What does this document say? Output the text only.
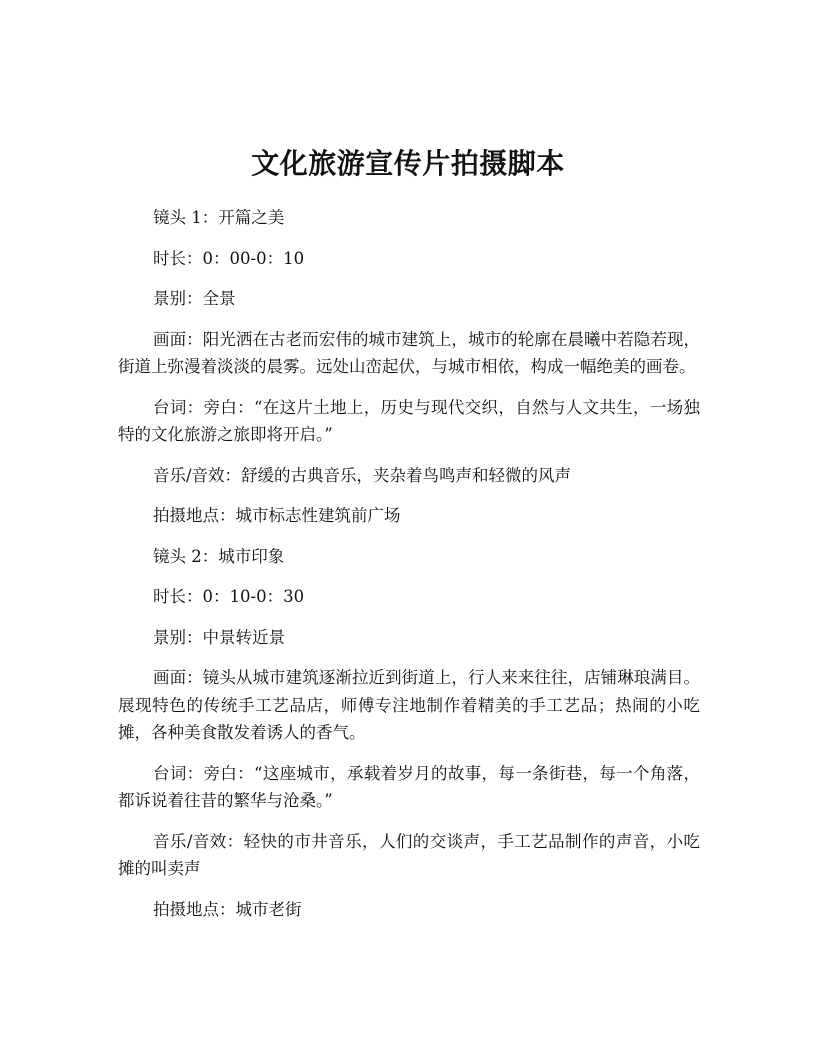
文化旅游宣传片拍摄脚本

镜头 1：开篇之美

时长：0：00-0：10

景别：全景

画面：阳光洒在古老而宏伟的城市建筑上，城市的轮廓在晨曦中若隐若现，街道上弥漫着淡淡的晨雾。远处山峦起伏，与城市相依，构成一幅绝美的画卷。

台词：旁白：“在这片土地上，历史与现代交织，自然与人文共生，一场独特的文化旅游之旅即将开启。”

音乐/音效：舒缓的古典音乐，夹杂着鸟鸣声和轻微的风声

拍摄地点：城市标志性建筑前广场

镜头 2：城市印象

时长：0：10-0：30

景别：中景转近景

画面：镜头从城市建筑逐渐拉近到街道上，行人来来往往，店铺琳琅满目。展现特色的传统手工艺品店，师傅专注地制作着精美的手工艺品；热闹的小吃摊，各种美食散发着诱人的香气。

台词：旁白：“这座城市，承载着岁月的故事，每一条街巷，每一个角落，都诉说着往昔的繁华与沧桑。”

音乐/音效：轻快的市井音乐，人们的交谈声，手工艺品制作的声音，小吃摊的叫卖声

拍摄地点：城市老街
